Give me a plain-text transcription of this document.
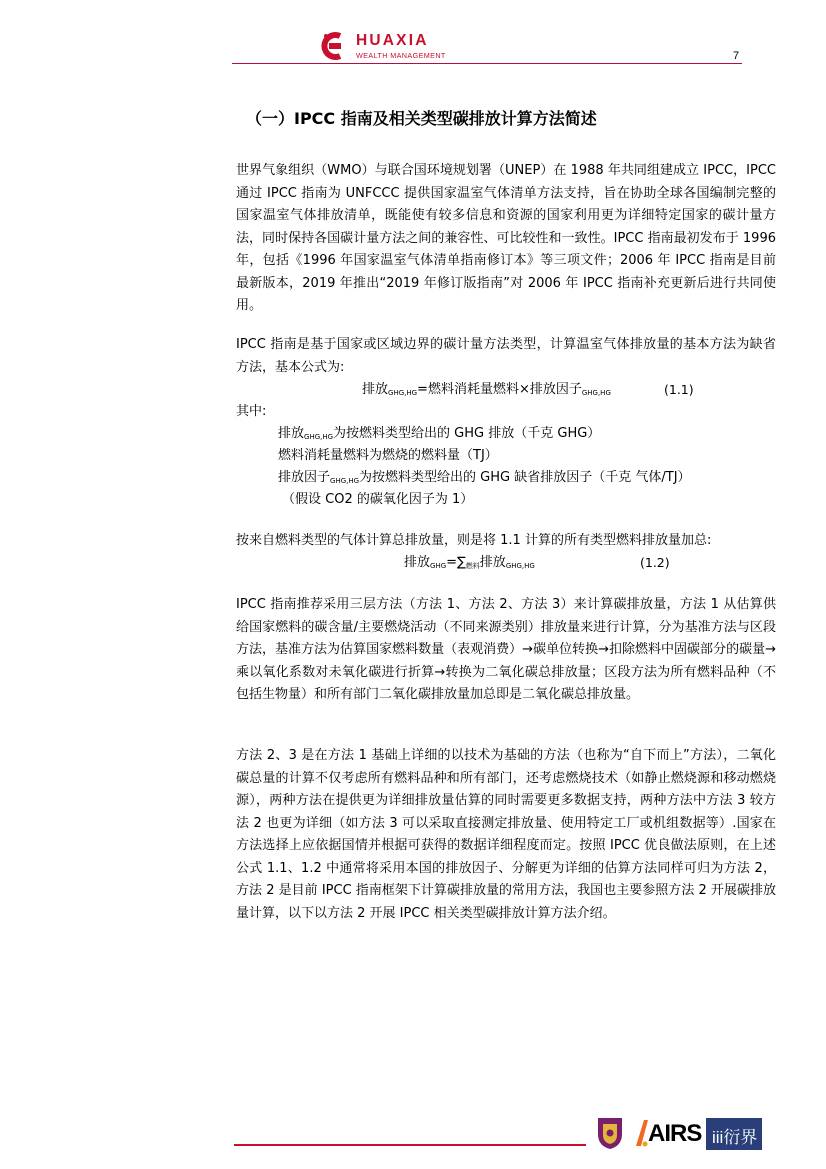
HUAXIA
WEALTH MANAGEMENT	7
（一）IPCC 指南及相关类型碳排放计算方法简述

世界气象组织（WMO）与联合国环境规划署（UNEP）在 1988 年共同组建成立 IPCC，IPCC通过 IPCC 指南为 UNFCCC 提供国家温室气体清单方法支持，旨在协助全球各国编制完整的国家温室气体排放清单，既能使有较多信息和资源的国家利用更为详细特定国家的碳计量方法，同时保持各国碳计量方法之间的兼容性、可比较性和一致性。IPCC 指南最初发布于 1996 年，包括《1996 年国家温室气体清单指南修订本》等三项文件；2006 年 IPCC 指南是目前最新版本，2019 年推出“2019 年修订版指南”对 2006 年 IPCC 指南补充更新后进行共同使用。

IPCC 指南是基于国家或区域边界的碳计量方法类型，计算温室气体排放量的基本方法为缺省方法，基本公式为:

排放$_{GHG,HG}$=燃料消耗量燃料×排放因子$_{GHG,HG}$	(1.1)
其中:
排放$_{GHG,HG}$为按燃料类型给出的 GHG 排放（千克 GHG）
燃料消耗量燃料为燃烧的燃料量（TJ）
排放因子$_{GHG,HG}$为按燃料类型给出的 GHG 缺省排放因子（千克 气体/TJ）
（假设 CO2 的碳氧化因子为 1）
按来自燃料类型的气体计算总排放量，则是将 1.1 计算的所有类型燃料排放量加总:
排放$_{GHG}=\sum_{燃料}$排放$_{GHG,HG}$	(1.2)

IPCC 指南推荐采用三层方法（方法 1、方法 2、方法 3）来计算碳排放量，方法 1 从估算供给国家燃料的碳含量/主要燃烧活动（不同来源类别）排放量来进行计算，分为基准方法与区段方法，基准方法为估算国家燃料数量（表观消费）→碳单位转换→扣除燃料中固碳部分的碳量→乘以氧化系数对未氧化碳进行折算→转换为二氧化碳总排放量；区段方法为所有燃料品种（不包括生物量）和所有部门二氧化碳排放量加总即是二氧化碳总排放量。

方法 2、3 是在方法 1 基础上详细的以技术为基础的方法（也称为“自下而上”方法），二氧化碳总量的计算不仅考虑所有燃料品种和所有部门，还考虑燃烧技术（如静止燃烧源和移动燃烧源），两种方法在提供更为详细排放量估算的同时需要更多数据支持，两种方法中方法 3 较方法 2 也更为详细（如方法 3 可以采取直接测定排放量、使用特定工厂或机组数据等）.国家在方法选择上应依据国情并根据可获得的数据详细程度而定。按照 IPCC 优良做法原则，在上述公式 1.1、1.2 中通常将采用本国的排放因子、分解更为详细的估算方法同样可归为方法 2，方法 2 是目前 IPCC 指南框架下计算碳排放量的常用方法，我国也主要参照方法 2 开展碳排放量计算，以下以方法 2 开展 IPCC 相关类型碳排放计算方法介绍。

AIRS iii衍界
